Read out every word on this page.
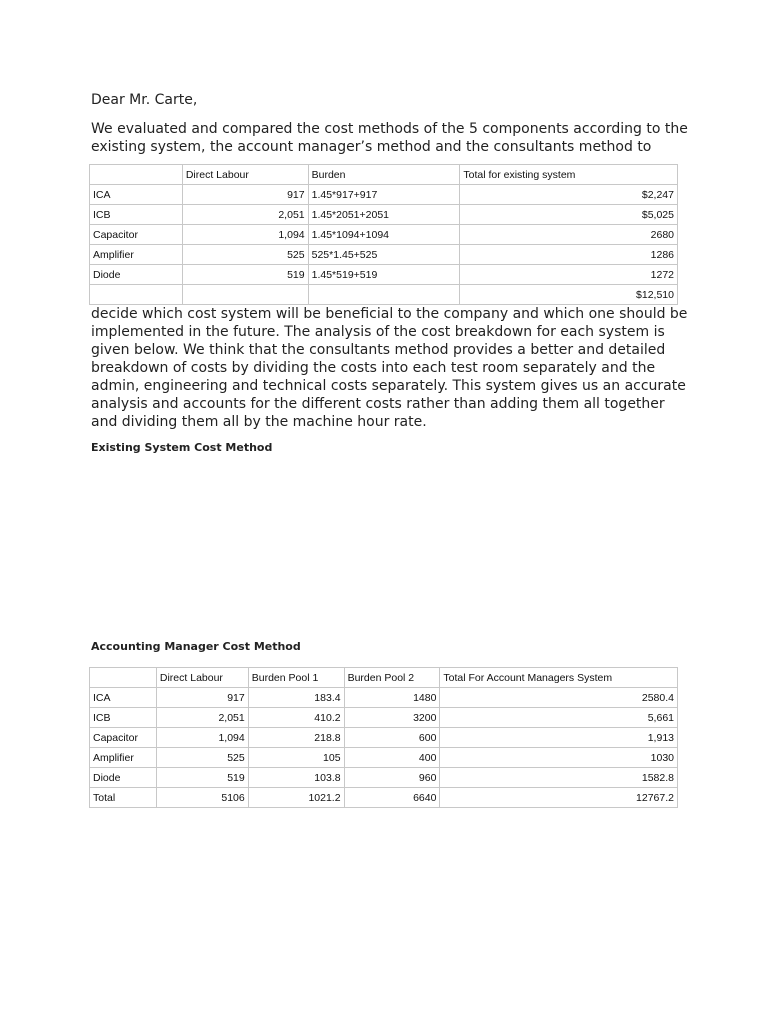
Dear Mr. Carte,

We evaluated and compared the cost methods of the 5 components according to the existing system, the account manager’s method and the consultants method to

	Direct Labour	Burden	Total for existing system
ICA	917	1.45*917+917	$2,247
ICB	2,051	1.45*2051+2051	$5,025
Capacitor	1,094	1.45*1094+1094	2680
Amplifier	525	525*1.45+525	1286
Diode	519	1.45*519+519	1272
			$12,510

decide which cost system will be beneficial to the company and which one should be implemented in the future. The analysis of the cost breakdown for each system is given below. We think that the consultants method provides a better and detailed breakdown of costs by dividing the costs into each test room separately and the admin, engineering and technical costs separately. This system gives us an accurate analysis and accounts for the different costs rather than adding them all together and dividing them all by the machine hour rate.

Existing System Cost Method
Accounting Manager Cost Method
	Direct Labour	Burden Pool 1	Burden Pool 2	Total For Account Managers System
ICA	917	183.4	1480	2580.4
ICB	2,051	410.2	3200	5,661
Capacitor	1,094	218.8	600	1,913
Amplifier	525	105	400	1030
Diode	519	103.8	960	1582.8
Total	5106	1021.2	6640	12767.2
